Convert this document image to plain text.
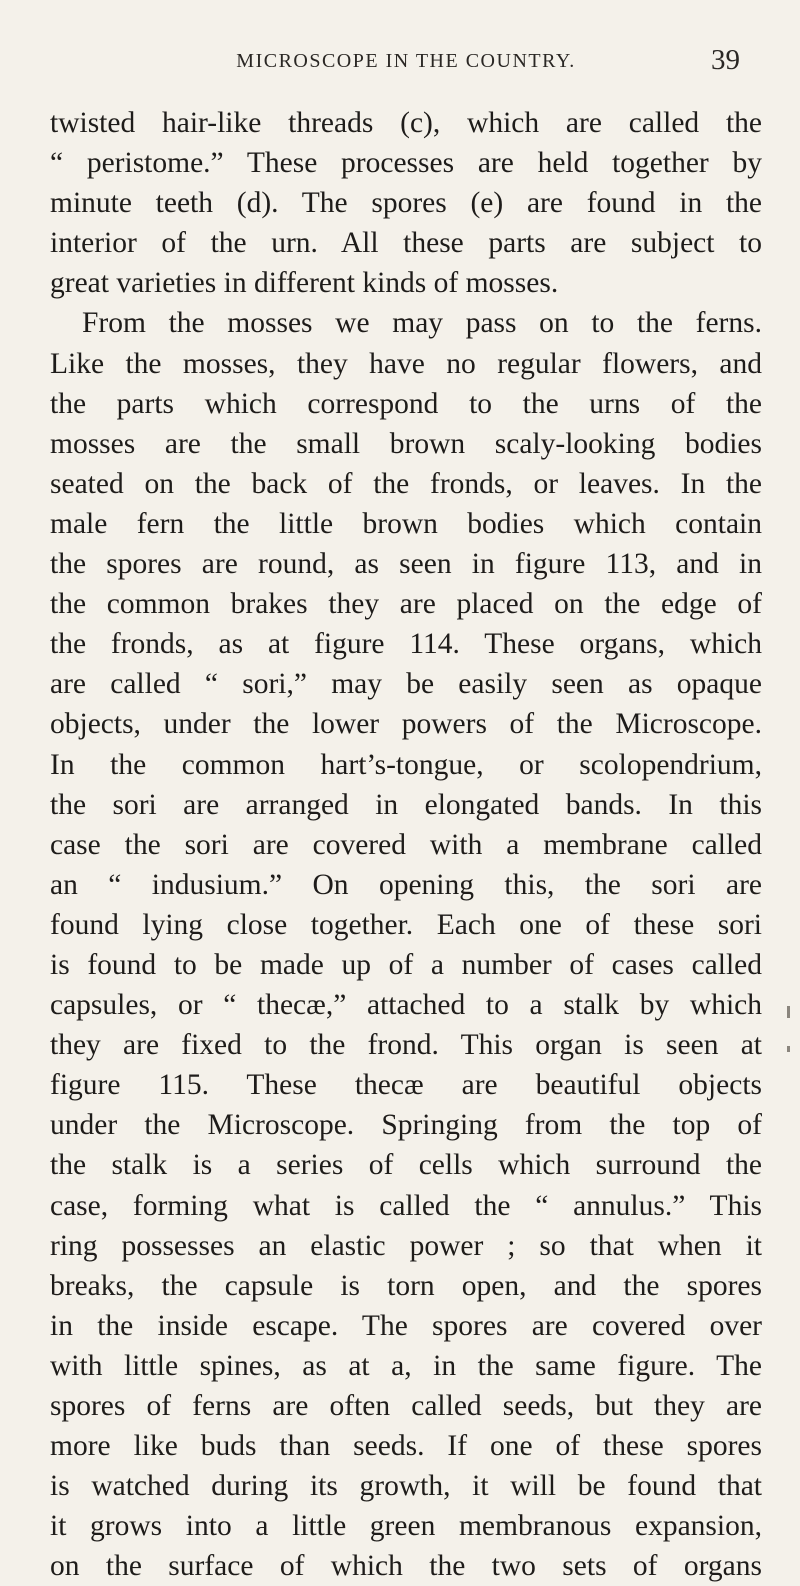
MICROSCOPE IN THE COUNTRY.	39
twisted hair-like threads (c), which are called the
“ peristome.” These processes are held together by
minute teeth (d). The spores (e) are found in the
interior of the urn. All these parts are subject to
great varieties in different kinds of mosses.
From the mosses we may pass on to the ferns.
Like the mosses, they have no regular flowers, and
the parts which correspond to the urns of the
mosses are the small brown scaly-looking bodies
seated on the back of the fronds, or leaves. In the
male fern the little brown bodies which contain
the spores are round, as seen in figure 113, and in
the common brakes they are placed on the edge of
the fronds, as at figure 114. These organs, which
are called “ sori,” may be easily seen as opaque
objects, under the lower powers of the Microscope.
In the common hart’s-tongue, or scolopendrium,
the sori are arranged in elongated bands. In this
case the sori are covered with a membrane called
an “ indusium.” On opening this, the sori are
found lying close together. Each one of these sori
is found to be made up of a number of cases called
capsules, or “ thecæ,” attached to a stalk by which
they are fixed to the frond. This organ is seen at
figure 115. These thecæ are beautiful objects
under the Microscope. Springing from the top of
the stalk is a series of cells which surround the
case, forming what is called the “ annulus.” This
ring possesses an elastic power ; so that when it
breaks, the capsule is torn open, and the spores
in the inside escape. The spores are covered over
with little spines, as at a, in the same figure. The
spores of ferns are often called seeds, but they are
more like buds than seeds. If one of these spores
is watched during its growth, it will be found that
it grows into a little green membranous expansion,
on the surface of which the two sets of organs
